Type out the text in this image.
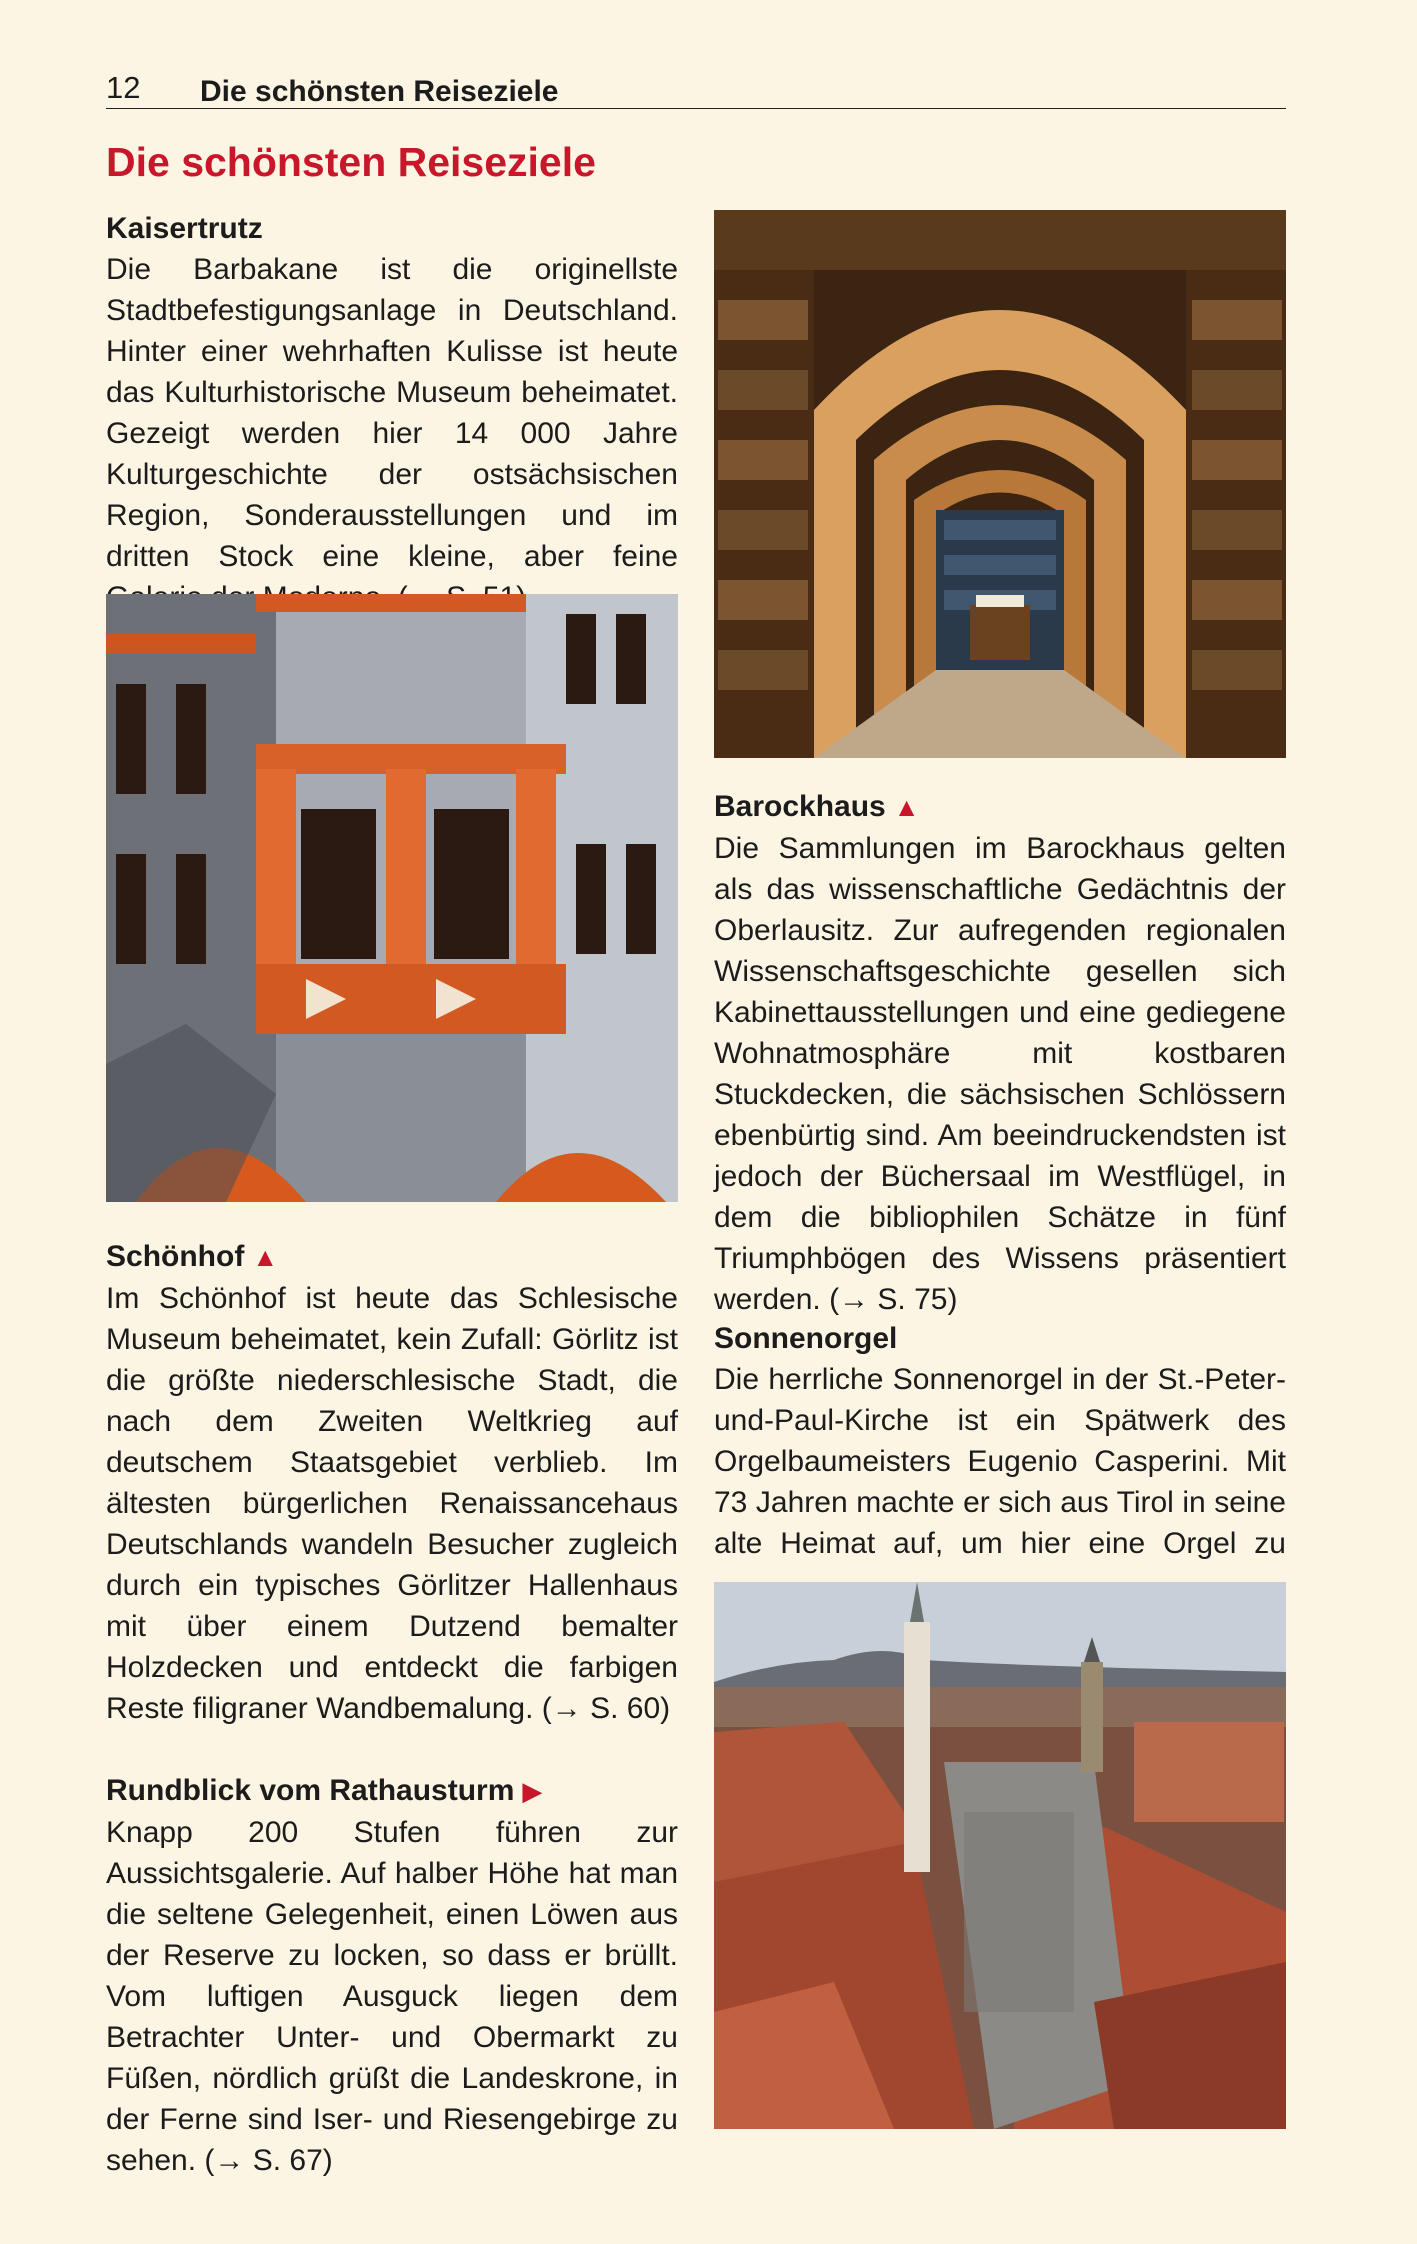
12 Die schönsten Reiseziele
Die schönsten Reiseziele
Kaisertrutz
Die Barbakane ist die originellste Stadtbefestigungsanlage in Deutschland. Hinter einer wehrhaften Kulisse ist heute das Kulturhistorische Museum beheimatet. Gezeigt werden hier 14 000 Jahre Kulturgeschichte der ostsächsischen Region, Sonderausstellungen und im dritten Stock eine kleine, aber feine
Schönhof ▲
Im Schönhof ist heute das Schlesische Museum beheimatet, kein Zufall: Görlitz ist die größte niederschlesische Stadt, die nach dem Zweiten Weltkrieg auf deutschem Staatsgebiet verblieb. Im ältesten bürgerlichen Renaissancehaus Deutschlands wandeln Besucher zugleich durch ein typisches Görlitzer Hallenhaus mit über einem Dutzend bemalter Holzdecken und entdeckt die farbigen Reste filigraner Wandbemalung. (→ S. 60)
Rundblick vom Rathausturm ▶
Knapp 200 Stufen führen zur Aussichtsgalerie. Auf halber Höhe hat man die seltene Gelegenheit, einen Löwen aus der Reserve zu locken, so dass er brüllt. Vom luftigen Ausguck liegen dem Betrachter Unter- und Obermarkt zu Füßen, nördlich grüßt die Landeskrone, in der Ferne sind Iser- und Riesengebirge zu sehen. (→ S. 67)
Barockhaus ▲
Die Sammlungen im Barockhaus gelten als das wissenschaftliche Gedächtnis der Oberlausitz. Zur aufregenden regionalen Wissenschaftsgeschichte gesellen sich Kabinettausstellungen und eine gediegene Wohnatmosphäre mit kostbaren Stuckdecken, die sächsischen Schlössern ebenbürtig sind. Am beeindruckendsten ist jedoch der Büchersaal im Westflügel, in dem die bibliophilen Schätze in fünf Triumphbögen des Wissens präsentiert werden. (→ S. 75)
Sonnenorgel
Die herrliche Sonnenorgel in der St.-Peter-und-Paul-Kirche ist ein Spätwerk des Orgelbaumeisters Eugenio Casperini. Mit 73 Jahren machte er sich aus Tirol in seine alte Heimat auf, um hier eine Orgel zu
